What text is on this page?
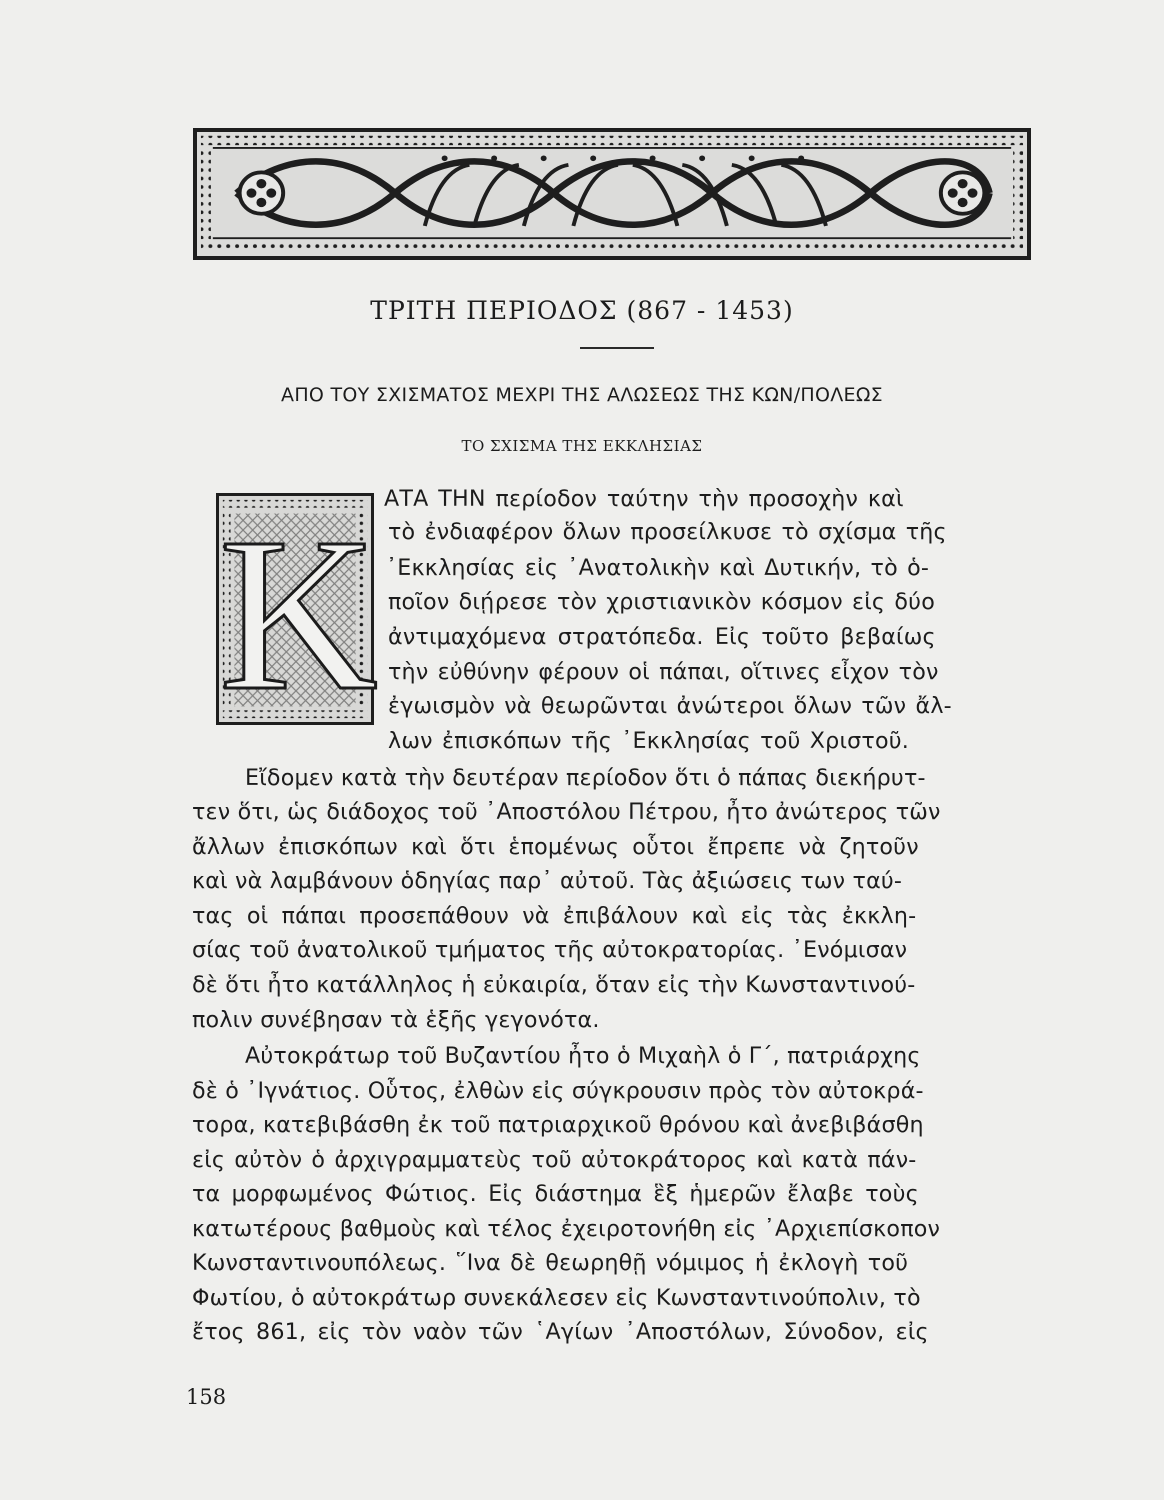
ΤΡΙΤΗ ΠΕΡΙΟΔΟΣ (867 - 1453)
ΑΠΟ ΤΟΥ ΣΧΙΣΜΑΤΟΣ ΜΕΧΡΙ ΤΗΣ ΑΛΩΣΕΩΣ ΤΗΣ ΚΩΝ/ΠΟΛΕΩΣ
ΤΟ ΣΧΙΣΜΑ ΤΗΣ ΕΚΚΛΗΣΙΑΣ
Κ ΑΤΑ ΤΗΝ περίοδον ταύτην τὴν προσοχὴν καὶ
τὸ ἐνδιαφέρον ὅλων προσείλκυσε τὸ σχίσμα τῆς
᾿Εκκλησίας εἰς ᾿Ανατολικὴν καὶ Δυτικήν, τὸ ὁ-
ποῖον διῄρεσε τὸν χριστιανικὸν κόσμον εἰς δύο
ἀντιμαχόμενα στρατόπεδα. Εἰς τοῦτο βεβαίως
τὴν εὐθύνην φέρουν οἱ πάπαι, οἵτινες εἶχον τὸν
ἐγωισμὸν νὰ θεωρῶνται ἀνώτεροι ὅλων τῶν ἄλ-
λων ἐπισκόπων τῆς ᾿Εκκλησίας τοῦ Χριστοῦ.
Εἴδομεν κατὰ τὴν δευτέραν περίοδον ὅτι ὁ πάπας διεκήρυτ-
τεν ὅτι, ὡς διάδοχος τοῦ ᾿Αποστόλου Πέτρου, ἦτο ἀνώτερος τῶν
ἄλλων ἐπισκόπων καὶ ὅτι ἑπομένως οὗτοι ἔπρεπε νὰ ζητοῦν
καὶ νὰ λαμβάνουν ὁδηγίας παρ᾿ αὐτοῦ. Τὰς ἀξιώσεις των ταύ-
τας οἱ πάπαι προσεπάθουν νὰ ἐπιβάλουν καὶ εἰς τὰς ἐκκλη-
σίας τοῦ ἀνατολικοῦ τμήματος τῆς αὐτοκρατορίας. ᾿Ενόμισαν
δὲ ὅτι ἦτο κατάλληλος ἡ εὐκαιρία, ὅταν εἰς τὴν Κωνσταντινού-
πολιν συνέβησαν τὰ ἑξῆς γεγονότα.
Αὐτοκράτωρ τοῦ Βυζαντίου ἦτο ὁ Μιχαὴλ ὁ Γ΄, πατριάρχης
δὲ ὁ ᾿Ιγνάτιος. Οὗτος, ἐλθὼν εἰς σύγκρουσιν πρὸς τὸν αὐτοκρά-
τορα, κατεβιβάσθη ἐκ τοῦ πατριαρχικοῦ θρόνου καὶ ἀνεβιβάσθη
εἰς αὐτὸν ὁ ἀρχιγραμματεὺς τοῦ αὐτοκράτορος καὶ κατὰ πάν-
τα μορφωμένος Φώτιος. Εἰς διάστημα ἓξ ἡμερῶν ἔλαβε τοὺς
κατωτέρους βαθμοὺς καὶ τέλος ἐχειροτονήθη εἰς ᾿Αρχιεπίσκοπον
Κωνσταντινουπόλεως. ῞Ινα δὲ θεωρηθῇ νόμιμος ἡ ἐκλογὴ τοῦ
Φωτίου, ὁ αὐτοκράτωρ συνεκάλεσεν εἰς Κωνσταντινούπολιν, τὸ
ἔτος 861, εἰς τὸν ναὸν τῶν ῾Αγίων ᾿Αποστόλων, Σύνοδον, εἰς
158
